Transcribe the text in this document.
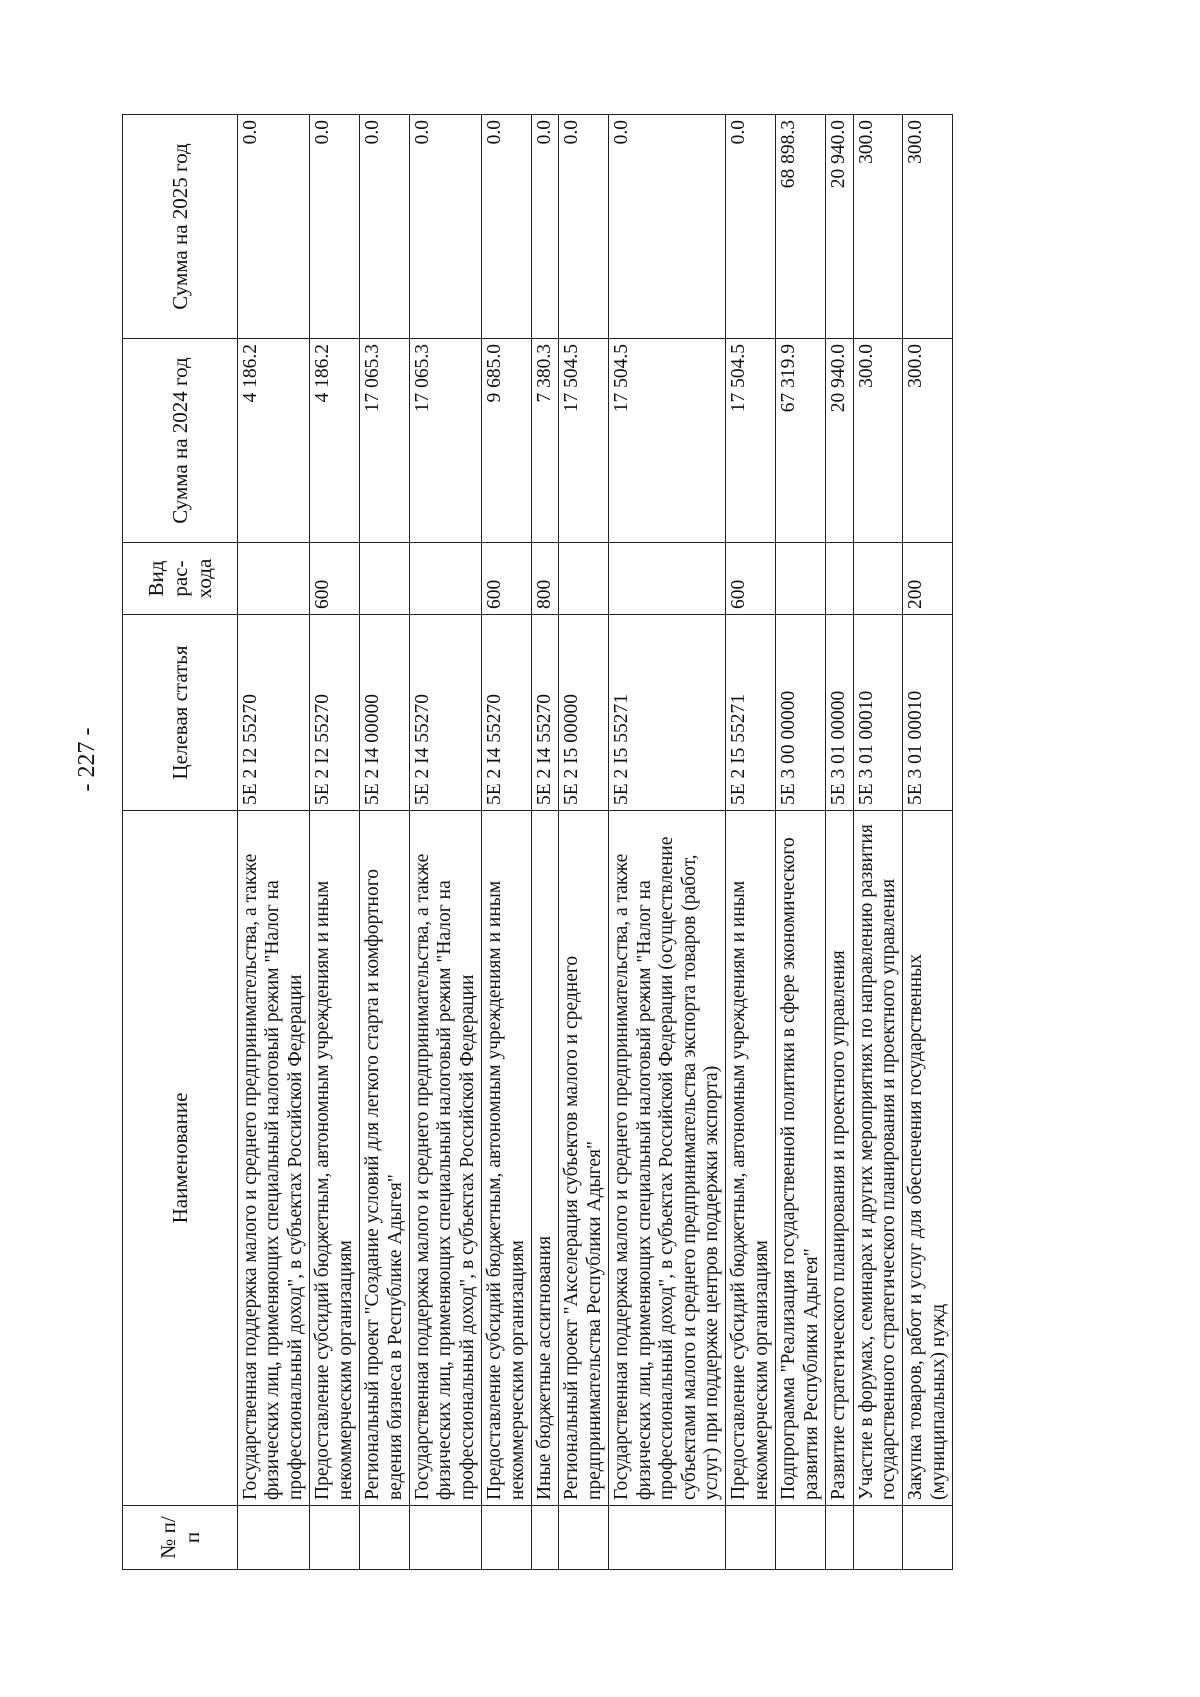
- 227 -
№ п/п	Наименование	Целевая статья	Вид рас-хода	Сумма на 2024 год	Сумма на 2025 год
	Государственная поддержка малого и среднего предпринимательства, а также физических лиц, применяющих специальный налоговый режим "Налог на профессиональный доход", в субъектах Российской Федерации	5Е 2 I2 55270		4 186.2	0.0
	Предоставление субсидий бюджетным, автономным учреждениям и иным некоммерческим организациям	5Е 2 I2 55270	600	4 186.2	0.0
	Региональный проект "Создание условий для легкого старта и комфортного ведения бизнеса в Республике Адыгея"	5Е 2 I4 00000		17 065.3	0.0
	Государственная поддержка малого и среднего предпринимательства, а также физических лиц, применяющих специальный налоговый режим "Налог на профессиональный доход", в субъектах Российской Федерации	5Е 2 I4 55270		17 065.3	0.0
	Предоставление субсидий бюджетным, автономным учреждениям и иным некоммерческим организациям	5Е 2 I4 55270	600	9 685.0	0.0
	Иные бюджетные ассигнования	5Е 2 I4 55270	800	7 380.3	0.0
	Региональный проект "Акселерация субъектов малого и среднего предпринимательства Республики Адыгея"	5Е 2 I5 00000		17 504.5	0.0
	Государственная поддержка малого и среднего предпринимательства, а также физических лиц, применяющих специальный налоговый режим "Налог на профессиональный доход", в субъектах Российской Федерации (осуществление субъектами малого и среднего предпринимательства экспорта товаров (работ, услуг) при поддержке центров поддержки экспорта)	5Е 2 I5 55271		17 504.5	0.0
	Предоставление субсидий бюджетным, автономным учреждениям и иным некоммерческим организациям	5Е 2 I5 55271	600	17 504.5	0.0
	Подпрограмма "Реализация государственной политики в сфере экономического развития Республики Адыгея"	5Е 3 00 00000		67 319.9	68 898.3
	Развитие стратегического планирования и проектного управления	5Е 3 01 00000		20 940.0	20 940.0
	Участие в форумах, семинарах и других мероприятиях по направлению развития государственного стратегического планирования и проектного управления	5Е 3 01 00010		300.0	300.0
	Закупка товаров, работ и услуг для обеспечения государственных (муниципальных) нужд	5Е 3 01 00010	200	300.0	300.0
